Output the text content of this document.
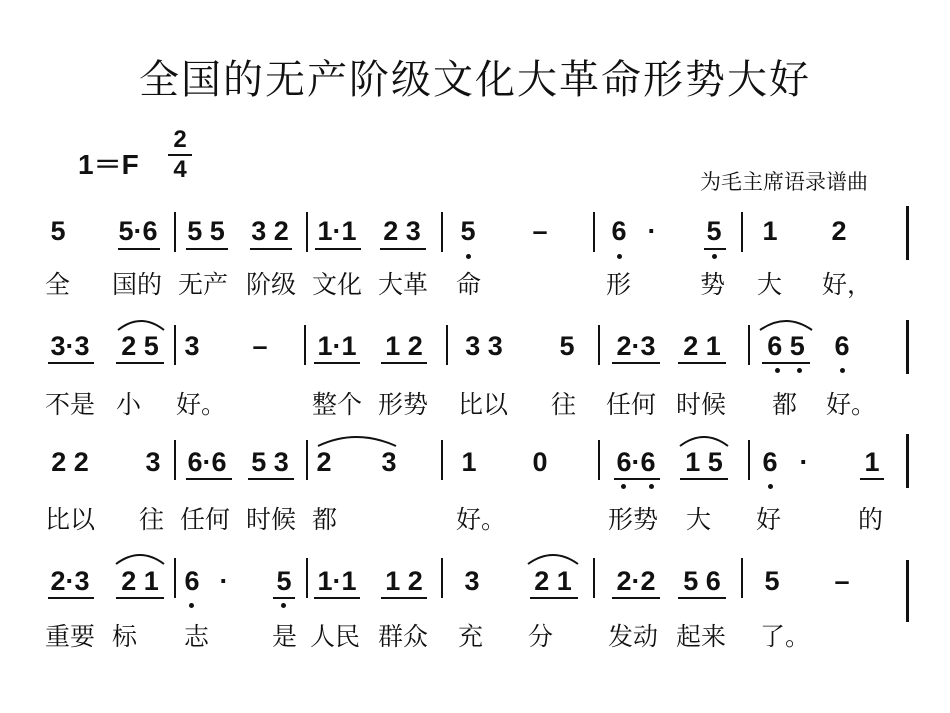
全国的无产阶级文化大革命形势大好
1＝F
2
4	为毛主席语录谱曲
5 5·6 5 5 3 2 1·1 2 3 5 – 6 · 5 1 2
全 国的 无产 阶级 文化 大革 命	形	势 大 好，
3·3 2 5 3 – 1·1 1 2 3 3 5 2·3 2 1 6 5 6
不是 小 好。	整个 形势 比以 往 任何 时候 都 好。
2 2 3 6·6 5 3 2 3 1 0	6·6 1 5 6 · 1
比以 往 任何 时候 都	好。	形势 大 好	的
2·3 2 1 6 · 5 1·1 1 2 3 2 1 2·2 5 6 5 –
重要 标 志	是 人民 群众 充 分 发动 起来 了。
